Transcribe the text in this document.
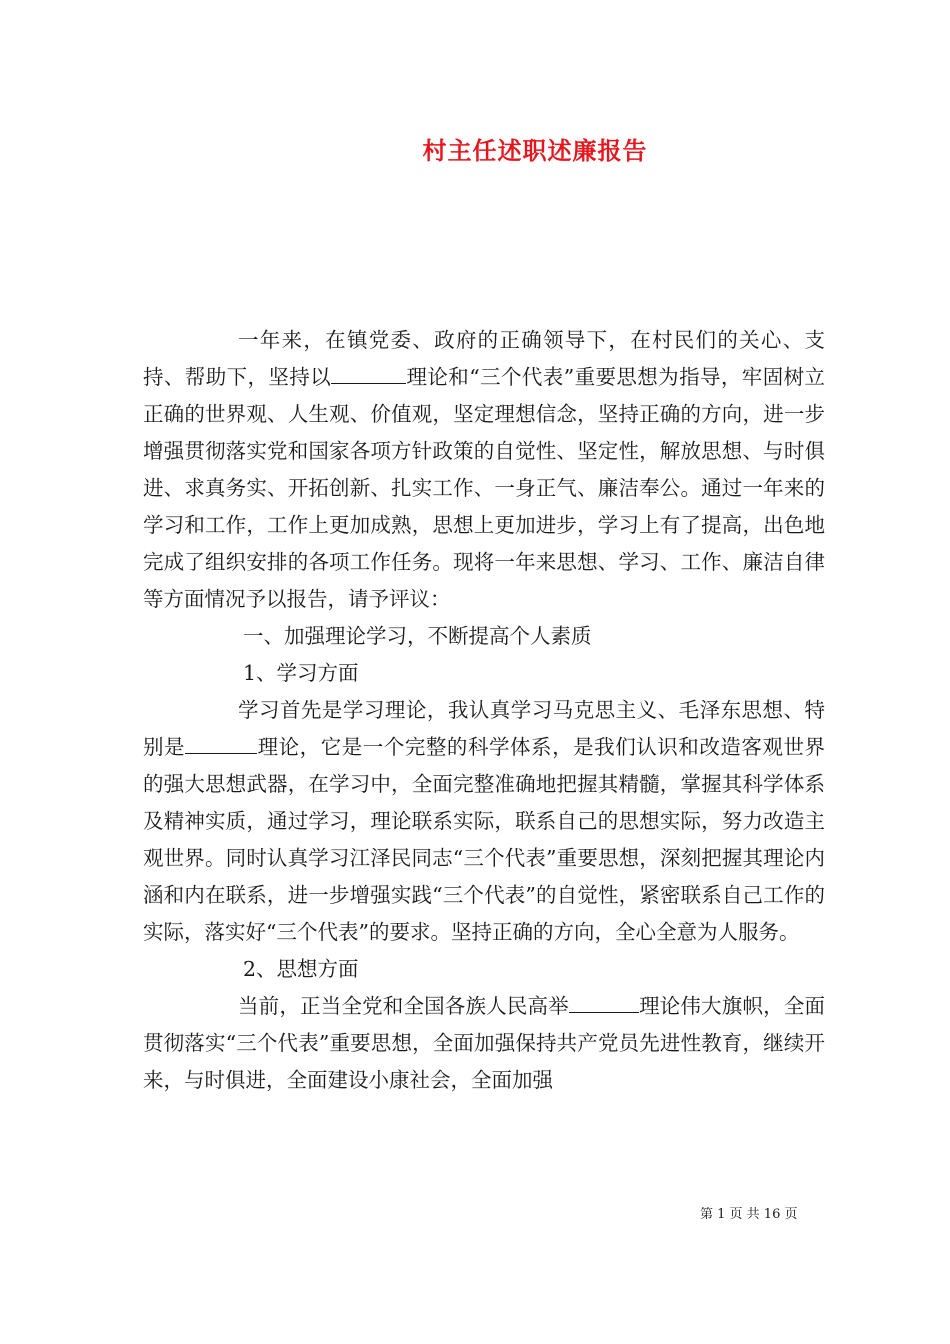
村主任述职述廉报告

一年来，在镇党委、政府的正确领导下，在村民们的关心、支持、帮助下，坚持以	理论和“三个代表”重要思想为指导，牢固树立正确的世界观、人生观、价值观，坚定理想信念，坚持正确的方向，进一步增强贯彻落实党和国家各项方针政策的自觉性、坚定性，解放思想、与时俱进、求真务实、开拓创新、扎实工作、一身正气、廉洁奉公。通过一年来的学习和工作，工作上更加成熟，思想上更加进步，学习上有了提高，出色地完成了组织安排的各项工作任务。现将一年来思想、学习、工作、廉洁自律等方面情况予以报告，请予评议：

一、加强理论学习，不断提高个人素质

1、学习方面

学习首先是学习理论，我认真学习马克思主义、毛泽东思想、特别是	理论，它是一个完整的科学体系，是我们认识和改造客观世界的强大思想武器，在学习中，全面完整准确地把握其精髓，掌握其科学体系及精神实质，通过学习，理论联系实际，联系自己的思想实际，努力改造主观世界。同时认真学习江泽民同志“三个代表”重要思想，深刻把握其理论内涵和内在联系，进一步增强实践“三个代表”的自觉性，紧密联系自己工作的实际，落实好“三个代表”的要求。坚持正确的方向，全心全意为人服务。

2、思想方面

当前，正当全党和全国各族人民高举	理论伟大旗帜，全面贯彻落实“三个代表”重要思想，全面加强保持共产党员先进性教育，继续开来，与时俱进，全面建设小康社会，全面加强

第 1 页 共 16 页
